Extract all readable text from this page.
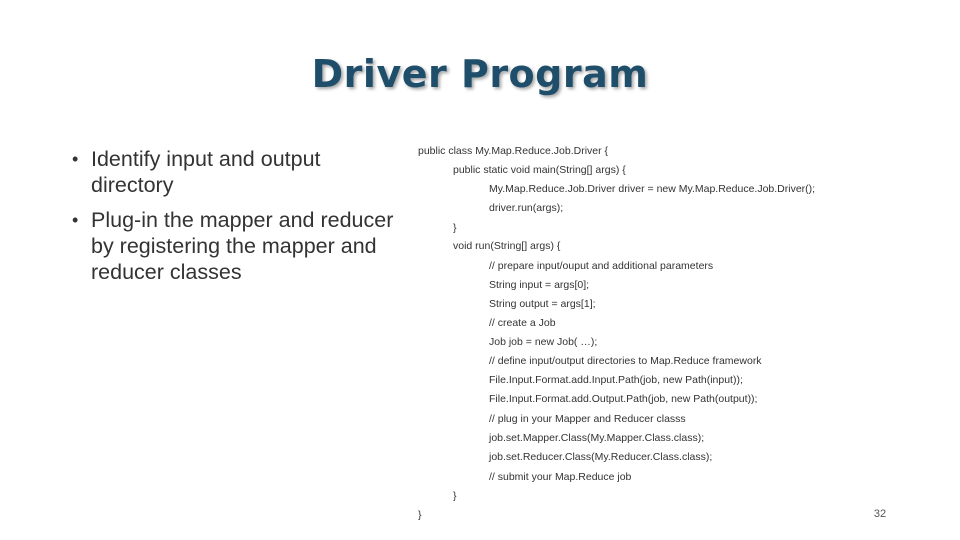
Driver Program
• Identify input and output directory
• Plug-in the mapper and reducer by registering the mapper and reducer classes
public class My.Map.Reduce.Job.Driver {
public static void main(String[] args) {
My.Map.Reduce.Job.Driver driver = new My.Map.Reduce.Job.Driver();
driver.run(args);
}
void run(String[] args) {
// prepare input/ouput and additional parameters
String input = args[0];
String output = args[1];
// create a Job
Job job = new Job( …);
// define input/output directories to Map.Reduce framework
File.Input.Format.add.Input.Path(job, new Path(input));
File.Input.Format.add.Output.Path(job, new Path(output));
// plug in your Mapper and Reducer classs
job.set.Mapper.Class(My.Mapper.Class.class);
job.set.Reducer.Class(My.Reducer.Class.class);
// submit your Map.Reduce job
}
}	32
